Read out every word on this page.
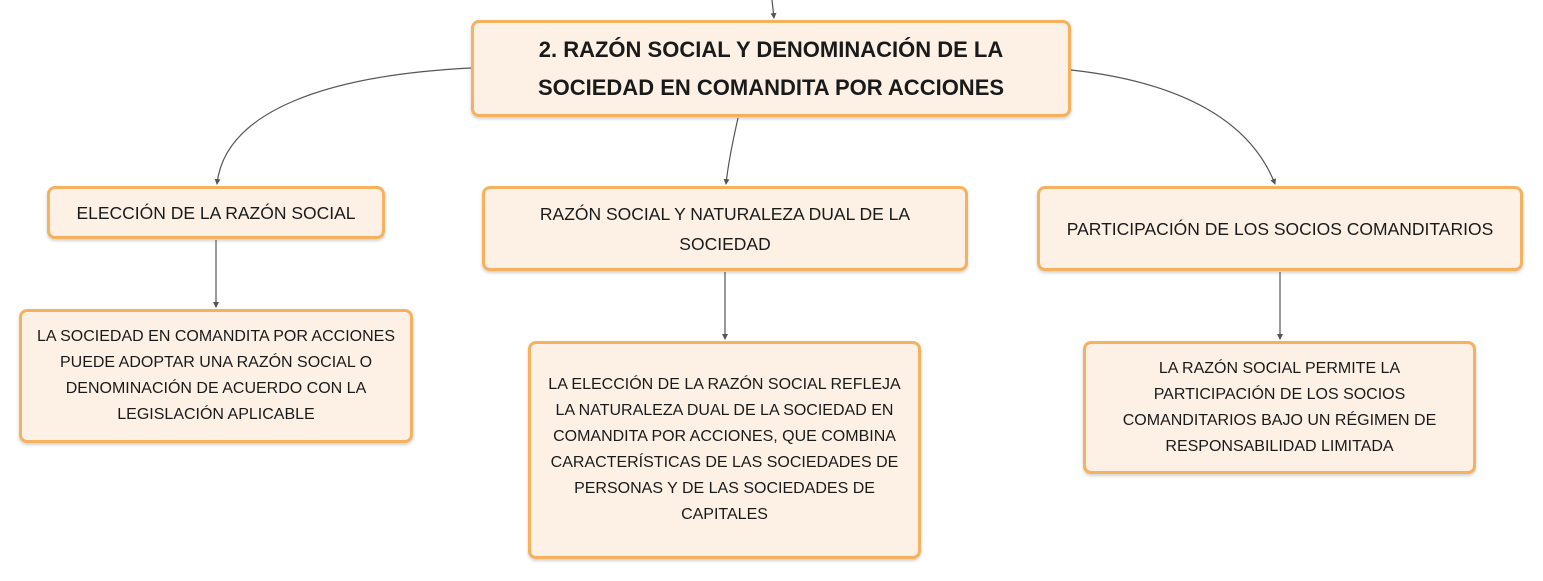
2. RAZÓN SOCIAL Y DENOMINACIÓN DE LA SOCIEDAD EN COMANDITA POR ACCIONES
ELECCIÓN DE LA RAZÓN SOCIAL	RAZÓN SOCIAL Y NATURALEZA DUAL DE LA SOCIEDAD
PARTICIPACIÓN DE LOS SOCIOS COMANDITARIOS
LA SOCIEDAD EN COMANDITA POR ACCIONES PUEDE ADOPTAR UNA RAZÓN SOCIAL O DENOMINACIÓN DE ACUERDO CON LA LEGISLACIÓN APLICABLE
LA ELECCIÓN DE LA RAZÓN SOCIAL REFLEJA LA NATURALEZA DUAL DE LA SOCIEDAD EN COMANDITA POR ACCIONES, QUE COMBINA CARACTERÍSTICAS DE LAS SOCIEDADES DE PERSONAS Y DE LAS SOCIEDADES DE CAPITALES
LA RAZÓN SOCIAL PERMITE LA PARTICIPACIÓN DE LOS SOCIOS COMANDITARIOS BAJO UN RÉGIMEN DE RESPONSABILIDAD LIMITADA
